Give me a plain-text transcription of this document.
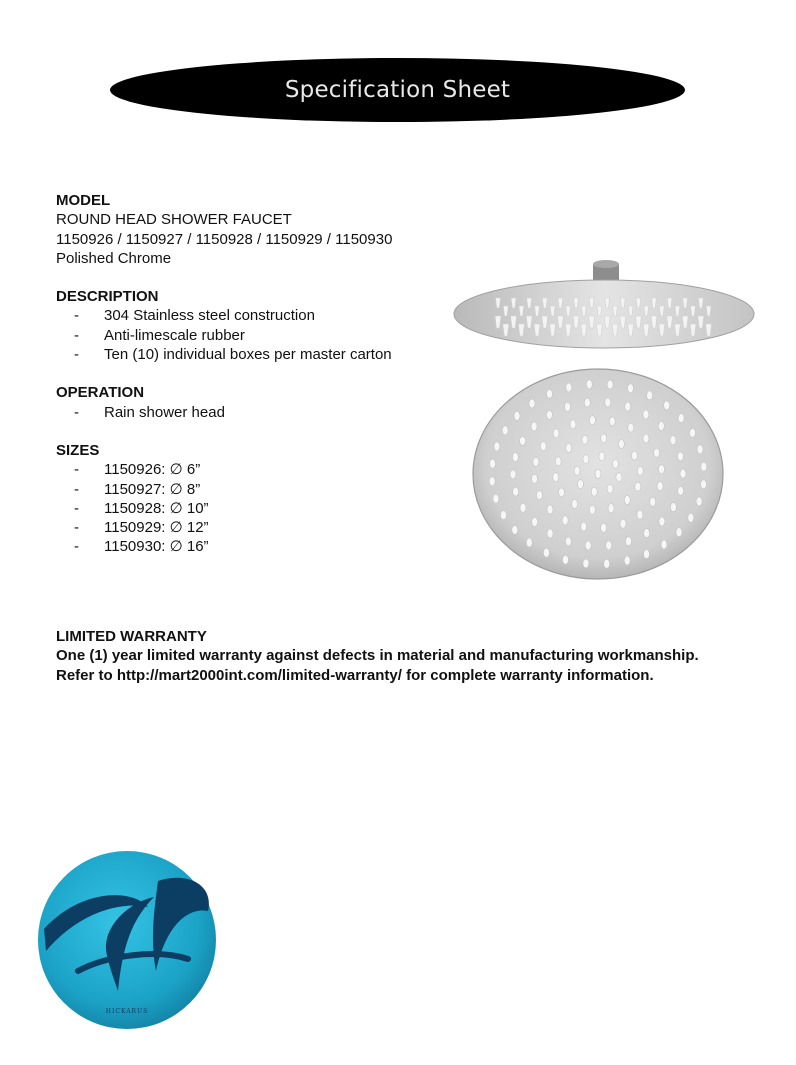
Specification Sheet
MODEL
ROUND HEAD SHOWER FAUCET
1150926 / 1150927 / 1150928 / 1150929 / 1150930
Polished Chrome
DESCRIPTION
-	304 Stainless steel construction
-	Anti-limescale rubber
-	Ten (10) individual boxes per master carton
OPERATION
-	Rain shower head
SIZES
-	1150926: ∅ 6”
-	1150927: ∅ 8”
-	1150928: ∅ 10”
-	1150929: ∅ 12”
-	1150930: ∅ 16”
LIMITED WARRANTY
One (1) year limited warranty against defects in material and manufacturing workmanship.
Refer to http://mart2000int.com/limited-warranty/ for complete warranty information.
HICKARUS
